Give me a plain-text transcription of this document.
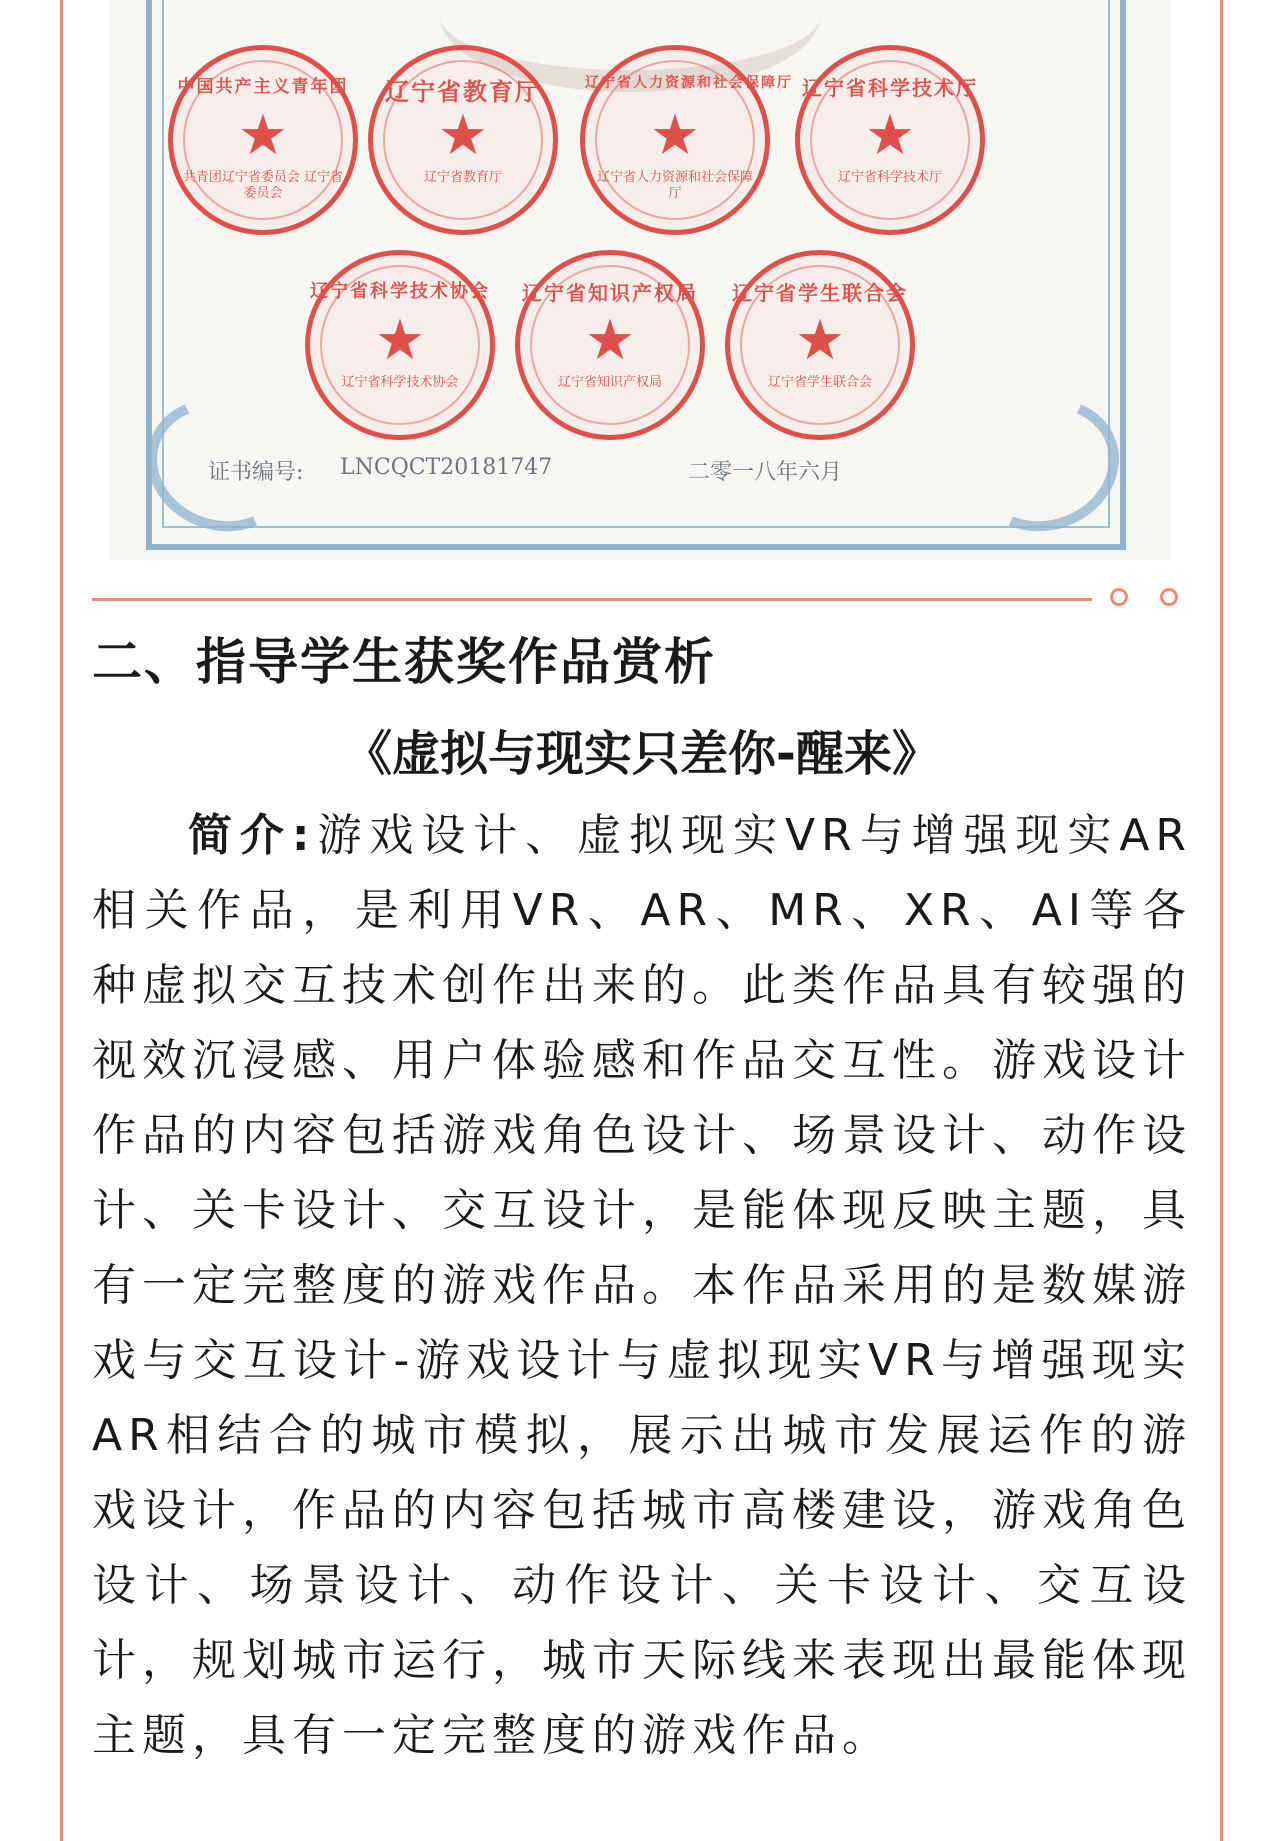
中国共产主义青年团
★
共青团辽宁省委员会 辽宁省委员会
辽宁省教育厅
★
辽宁省教育厅
辽宁省人力资源和社会保障厅
★
辽宁省人力资源和社会保障厅
辽宁省科学技术厅
★
辽宁省科学技术厅
辽宁省科学技术协会
★
辽宁省科学技术协会
辽宁省知识产权局
★
辽宁省知识产权局
辽宁省学生联合会
★
辽宁省学生联合会
证书编号: LNCQCT20181747	二零一八年六月
二、指导学生获奖作品赏析
《虚拟与现实只差你-醒来》

简介:游戏设计、虚拟现实VR与增强现实AR相关作品，是利用VR、AR、MR、XR、AI等各种虚拟交互技术创作出来的。此类作品具有较强的视效沉浸感、用户体验感和作品交互性。游戏设计作品的内容包括游戏角色设计、场景设计、动作设计、关卡设计、交互设计，是能体现反映主题，具有一定完整度的游戏作品。本作品采用的是数媒游戏与交互设计-游戏设计与虚拟现实VR与增强现实AR相结合的城市模拟，展示出城市发展运作的游戏设计，作品的内容包括城市高楼建设，游戏角色设计、场景设计、动作设计、关卡设计、交互设计，规划城市运行，城市天际线来表现出最能体现主题，具有一定完整度的游戏作品。
